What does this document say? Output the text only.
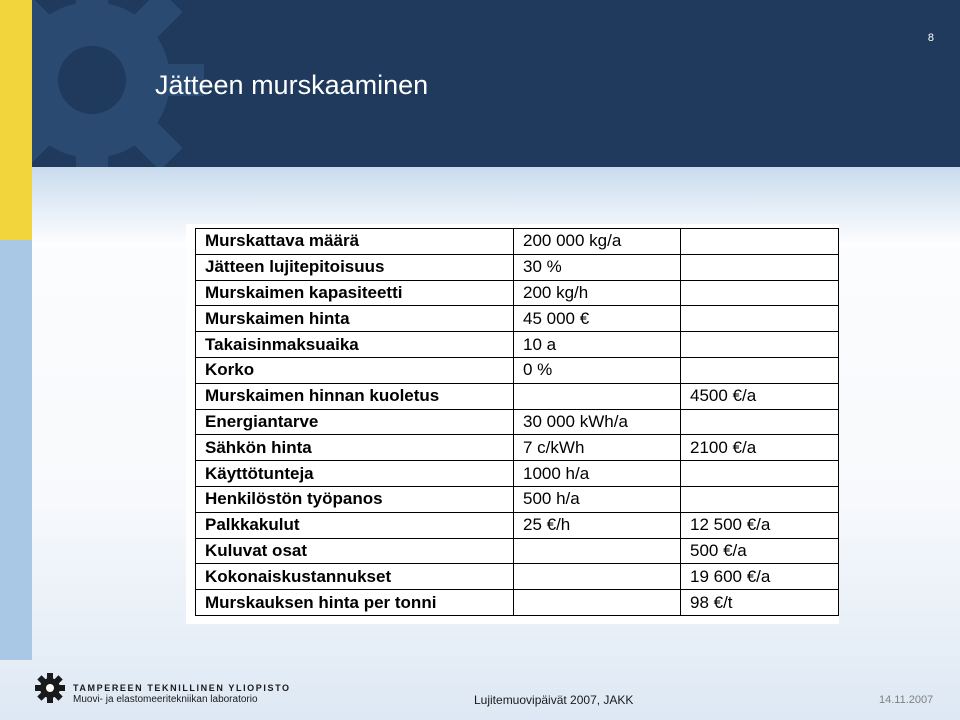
8
Jätteen murskaaminen
Murskattava määrä	200 000 kg/a	
Jätteen lujitepitoisuus	30 %	
Murskaimen kapasiteetti	200 kg/h	
Murskaimen hinta	45 000 €	
Takaisinmaksuaika	10 a	
Korko	0 %	
Murskaimen hinnan kuoletus		4500 €/a
Energiantarve	30 000 kWh/a	
Sähkön hinta	7 c/kWh	2100 €/a
Käyttötunteja	1000 h/a	
Henkilöstön työpanos	500 h/a	
Palkkakulut	25 €/h	12 500 €/a
Kuluvat osat		500 €/a
Kokonaiskustannukset		19 600 €/a
Murskauksen hinta per tonni		98 €/t
TAMPEREEN TEKNILLINEN YLIOPISTO
Muovi- ja elastomeeritekniikan laboratorio	Lujitemuovipäivät 2007, JAKK	14.11.2007
